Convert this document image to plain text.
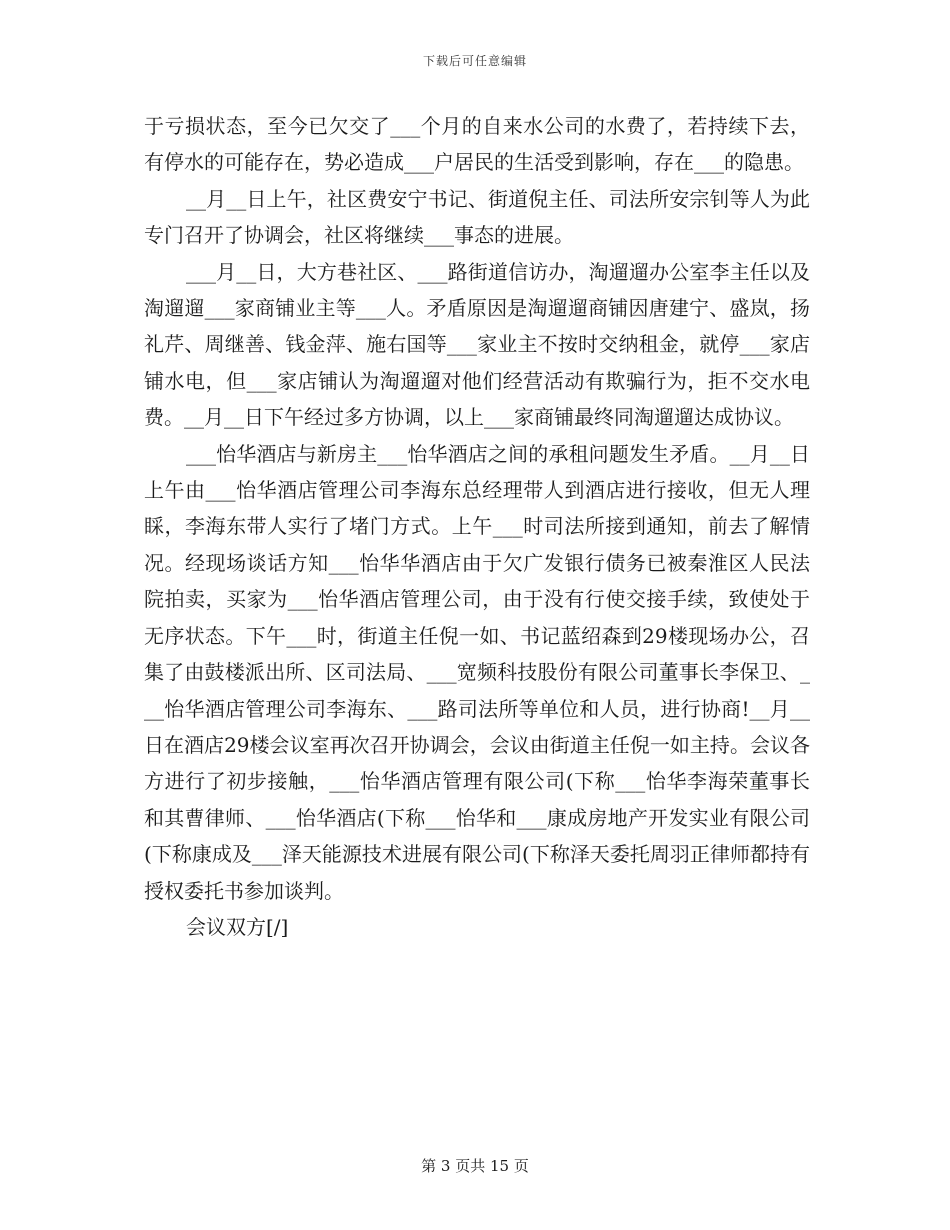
下载后可任意编辑

于亏损状态，至今已欠交了___个月的自来水公司的水费了，若持续下去，有停水的可能存在，势必造成___户居民的生活受到影响，存在___的隐患。

__月__日上午，社区费安宁书记、街道倪主任、司法所安宗钊等人为此专门召开了协调会，社区将继续___事态的进展。

___月__日，大方巷社区、___路街道信访办，淘遛遛办公室李主任以及淘遛遛___家商铺业主等___人。矛盾原因是淘遛遛商铺因唐建宁、盛岚，扬礼芹、周继善、钱金萍、施右国等___家业主不按时交纳租金，就停___家店铺水电，但___家店铺认为淘遛遛对他们经营活动有欺骗行为，拒不交水电费。__月__日下午经过多方协调，以上___家商铺最终同淘遛遛达成协议。

___怡华酒店与新房主___怡华酒店之间的承租问题发生矛盾。__月__日上午由___怡华酒店管理公司李海东总经理带人到酒店进行接收，但无人理睬，李海东带人实行了堵门方式。上午___时司法所接到通知，前去了解情况。经现场谈话方知___怡华华酒店由于欠广发银行债务已被秦淮区人民法院拍卖，买家为___怡华酒店管理公司，由于没有行使交接手续，致使处于无序状态。下午___时，街道主任倪一如、书记蓝绍森到29楼现场办公，召集了由鼓楼派出所、区司法局、___宽频科技股份有限公司董事长李保卫、___怡华酒店管理公司李海东、___路司法所等单位和人员，进行协商!__月__日在酒店29楼会议室再次召开协调会，会议由街道主任倪一如主持。会议各方进行了初步接触，___怡华酒店管理有限公司(下称___怡华李海荣董事长和其曹律师、___怡华酒店(下称___怡华和___康成房地产开发实业有限公司(下称康成及___泽天能源技术进展有限公司(下称泽天委托周羽正律师都持有授权委托书参加谈判。

会议双方[/]

第 3 页共 15 页
